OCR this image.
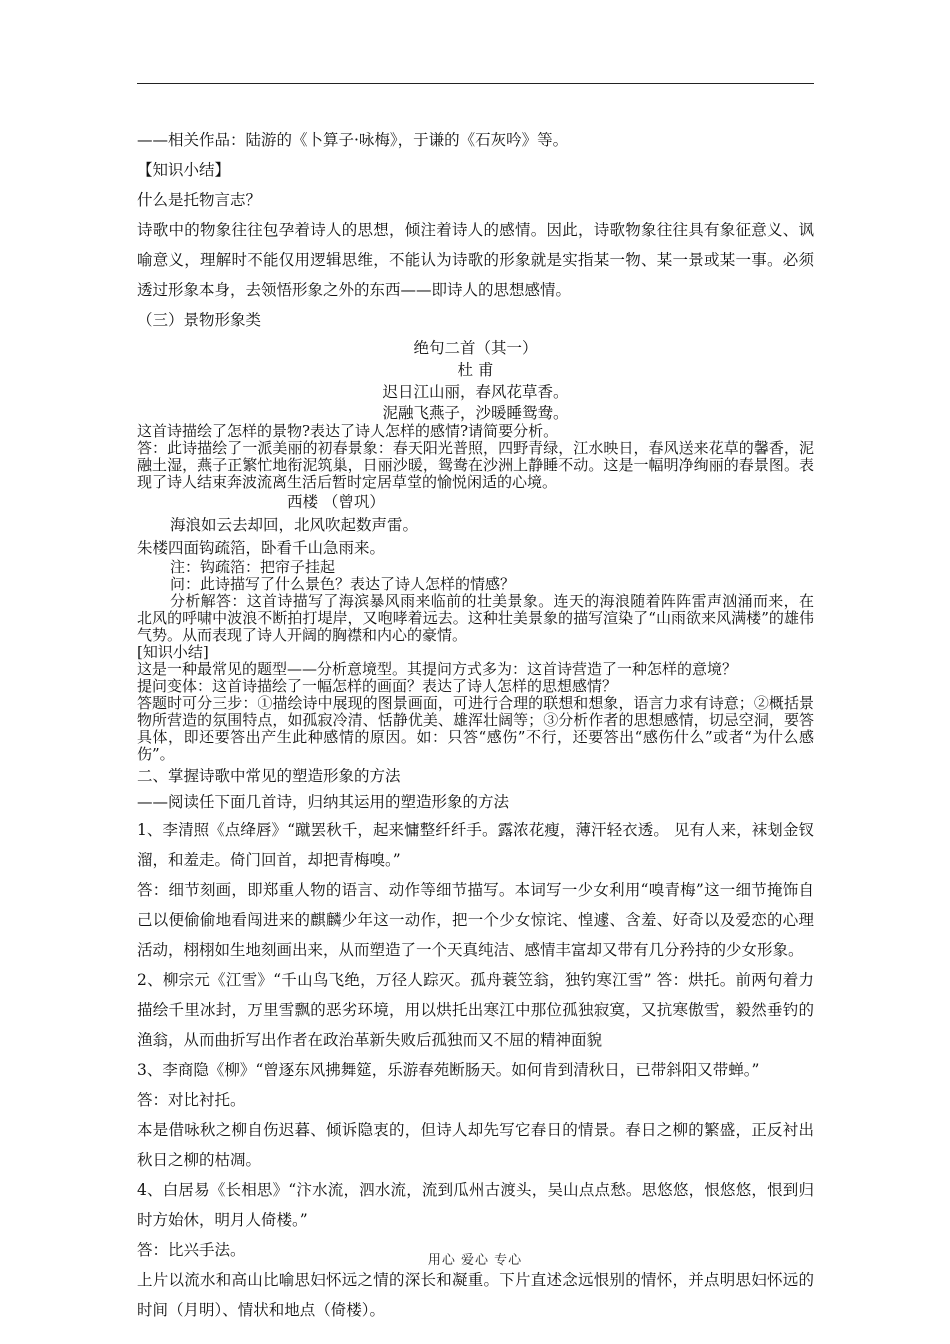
——相关作品：陆游的《卜算子·咏梅》，于谦的《石灰吟》等。

【知识小结】

什么是托物言志？

诗歌中的物象往往包孕着诗人的思想，倾注着诗人的感情。因此，诗歌物象往往具有象征意义、讽喻意义，理解时不能仅用逻辑思维，不能认为诗歌的形象就是实指某一物、某一景或某一事。必须透过形象本身，去领悟形象之外的东西——即诗人的思想感情。

（三）景物形象类

绝句二首（其一）

杜 甫

迟日江山丽，春风花草香。

泥融飞燕子，沙暖睡鸳鸯。

这首诗描绘了怎样的景物?表达了诗人怎样的感情?请简要分析。

答：此诗描绘了一派美丽的初春景象：春天阳光普照，四野青绿，江水映日，春风送来花草的馨香，泥融土湿，燕子正繁忙地衔泥筑巢，日丽沙暖，鸳鸯在沙洲上静睡不动。这是一幅明净绚丽的春景图。表现了诗人结束奔波流离生活后暂时定居草堂的愉悦闲适的心境。

西楼 （曾巩）

海浪如云去却回，北风吹起数声雷。

朱楼四面钩疏箔，卧看千山急雨来。

注：钩疏箔：把帘子挂起

问：此诗描写了什么景色？表达了诗人怎样的情感？

分析解答：这首诗描写了海滨暴风雨来临前的壮美景象。连天的海浪随着阵阵雷声汹涌而来，在北风的呼啸中波浪不断拍打堤岸，又咆哮着远去。这种壮美景象的描写渲染了“山雨欲来风满楼”的雄伟气势。从而表现了诗人开阔的胸襟和内心的豪情。

[知识小结]

这是一种最常见的题型——分析意境型。其提问方式多为：这首诗营造了一种怎样的意境？

提问变体：这首诗描绘了一幅怎样的画面？表达了诗人怎样的思想感情？

答题时可分三步：①描绘诗中展现的图景画面，可进行合理的联想和想象，语言力求有诗意；②概括景物所营造的氛围特点，如孤寂冷清、恬静优美、雄浑壮阔等；③分析作者的思想感情，切忌空洞，要答具体，即还要答出产生此种感情的原因。如：只答“感伤”不行，还要答出“感伤什么”或者“为什么感伤”。

二、掌握诗歌中常见的塑造形象的方法

——阅读任下面几首诗，归纳其运用的塑造形象的方法

1、李清照《点绛唇》“蹴罢秋千，起来慵整纤纤手。露浓花瘦，薄汗轻衣透。 见有人来，袜刬金钗溜，和羞走。倚门回首，却把青梅嗅。”

答：细节刻画，即郑重人物的语言、动作等细节描写。本词写一少女利用“嗅青梅”这一细节掩饰自己以便偷偷地看闯进来的麒麟少年这一动作，把一个少女惊诧、惶遽、含羞、好奇以及爱恋的心理活动，栩栩如生地刻画出来，从而塑造了一个天真纯洁、感情丰富却又带有几分矜持的少女形象。

2、柳宗元《江雪》“千山鸟飞绝，万径人踪灭。孤舟蓑笠翁，独钓寒江雪” 答：烘托。前两句着力描绘千里冰封，万里雪飘的恶劣环境，用以烘托出寒江中那位孤独寂寞，又抗寒傲雪，毅然垂钓的渔翁，从而曲折写出作者在政治革新失败后孤独而又不屈的精神面貌

3、李商隐《柳》“曾逐东风拂舞筵，乐游春苑断肠天。如何肯到清秋日，已带斜阳又带蝉。”

答：对比衬托。

本是借咏秋之柳自伤迟暮、倾诉隐衷的，但诗人却先写它春日的情景。春日之柳的繁盛，正反衬出秋日之柳的枯凋。

4、白居易《长相思》“汴水流，泗水流，流到瓜州古渡头，吴山点点愁。思悠悠，恨悠悠，恨到归时方始休，明月人倚楼。”

答：比兴手法。

上片以流水和高山比喻思妇怀远之情的深长和凝重。下片直述念远恨别的情怀，并点明思妇怀远的时间（月明）、情状和地点（倚楼）。

用心 爱心 专心
